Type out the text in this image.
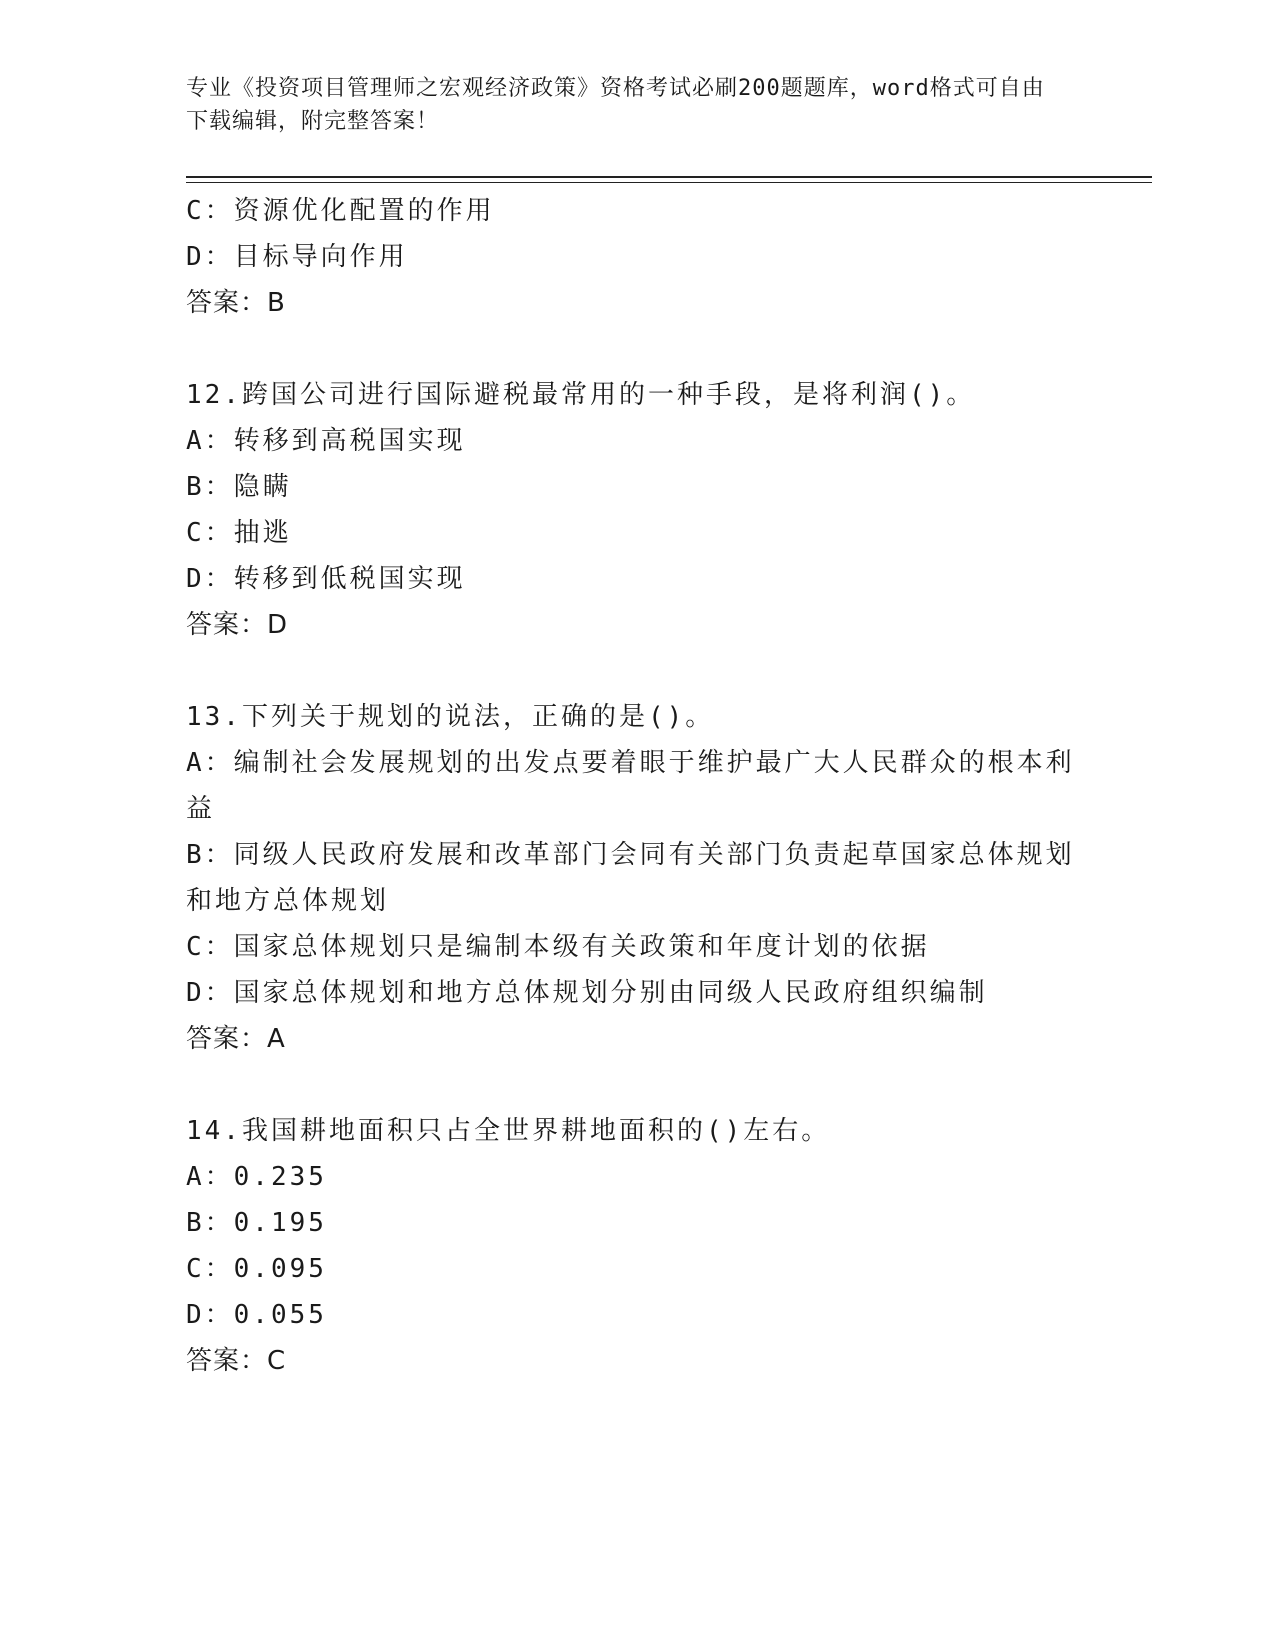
专业《投资项目管理师之宏观经济政策》资格考试必刷200题题库，word格式可自由下载编辑，附完整答案！

C：资源优化配置的作用

D：目标导向作用

答案：B

12.跨国公司进行国际避税最常用的一种手段，是将利润()。

A：转移到高税国实现

B：隐瞒

C：抽逃

D：转移到低税国实现

答案：D

13.下列关于规划的说法，正确的是()。

A：编制社会发展规划的出发点要着眼于维护最广大人民群众的根本利益

B：同级人民政府发展和改革部门会同有关部门负责起草国家总体规划和地方总体规划

C：国家总体规划只是编制本级有关政策和年度计划的依据

D：国家总体规划和地方总体规划分别由同级人民政府组织编制

答案：A

14.我国耕地面积只占全世界耕地面积的()左右。

A：0.235

B：0.195

C：0.095

D：0.055

答案：C
